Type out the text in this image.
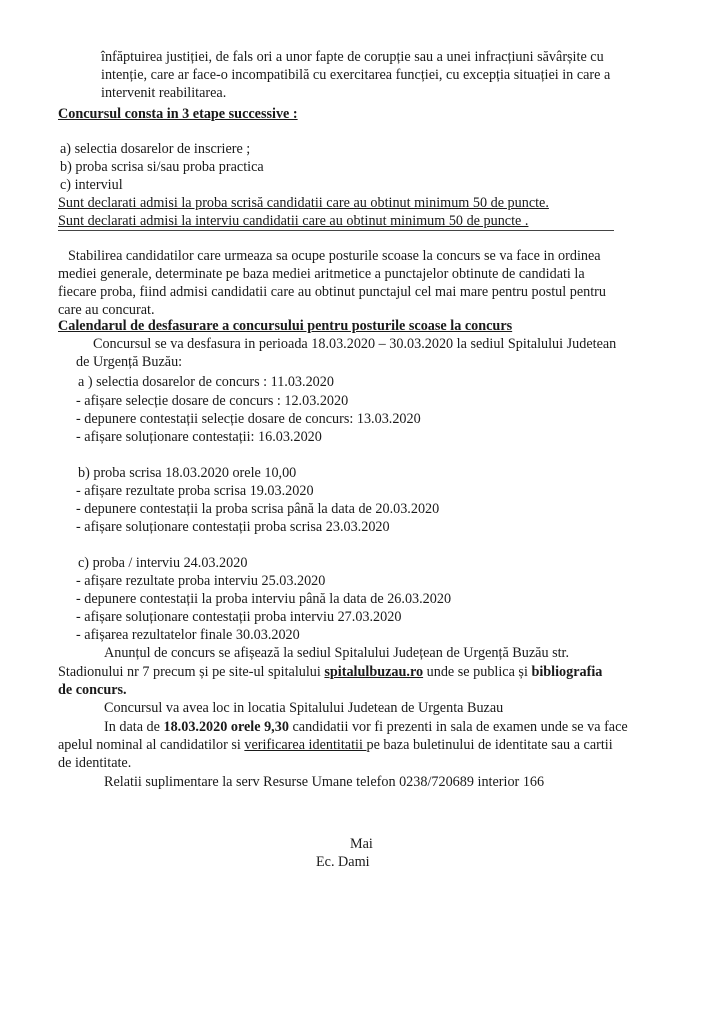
înfăptuirea justiției, de fals ori a unor fapte de corupție sau a unei infracțiuni săvârșite cu
intenție, care ar face-o incompatibilă cu exercitarea funcției, cu excepția situației in care a
intervenit reabilitarea.
Concursul consta in 3 etape successive :
a) selectia dosarelor de inscriere ;
b) proba scrisa si/sau proba practica
c) interviul
Sunt declarati admisi la proba scrisă candidatii care au obtinut minimum 50 de puncte.
Sunt declarati admisi la interviu candidatii care au obtinut minimum 50 de puncte .
Stabilirea candidatilor care urmeaza sa ocupe posturile scoase la concurs se va face in ordinea
mediei generale, determinate pe baza mediei aritmetice a punctajelor obtinute de candidati la
fiecare proba, fiind admisi candidatii care au obtinut punctajul cel mai mare pentru postul pentru
care au concurat.
Calendarul de desfasurare a concursului pentru posturile scoase la concurs
Concursul se va desfasura in perioada 18.03.2020 – 30.03.2020 la sediul Spitalului Judetean
de Urgență Buzău:
a ) selectia dosarelor de concurs : 11.03.2020
- afișare selecție dosare de concurs : 12.03.2020
- depunere contestații selecție dosare de concurs: 13.03.2020
- afișare soluționare contestații: 16.03.2020
b) proba scrisa 18.03.2020 orele 10,00
- afișare rezultate proba scrisa 19.03.2020
- depunere contestații la proba scrisa până la data de 20.03.2020
- afișare soluționare contestații proba scrisa 23.03.2020
c) proba / interviu 24.03.2020
- afișare rezultate proba interviu 25.03.2020
- depunere contestații la proba interviu până la data de 26.03.2020
- afișare soluționare contestații proba interviu 27.03.2020
- afișarea rezultatelor finale 30.03.2020
Anunțul de concurs se afișează la sediul Spitalului Județean de Urgență Buzău str.
Stadionului nr 7 precum și pe site-ul spitalului spitalulbuzau.ro unde se publica și bibliografia
de concurs.
Concursul va avea loc in locatia Spitalului Judetean de Urgenta Buzau
In data de 18.03.2020 orele 9,30 candidatii vor fi prezenti in sala de examen unde se va face
apelul nominal al candidatilor si verificarea identitatii pe baza buletinului de identitate sau a cartii
de identitate.
Relatii suplimentare la serv Resurse Umane telefon 0238/720689 interior 166
Mai
Ec. Dami
